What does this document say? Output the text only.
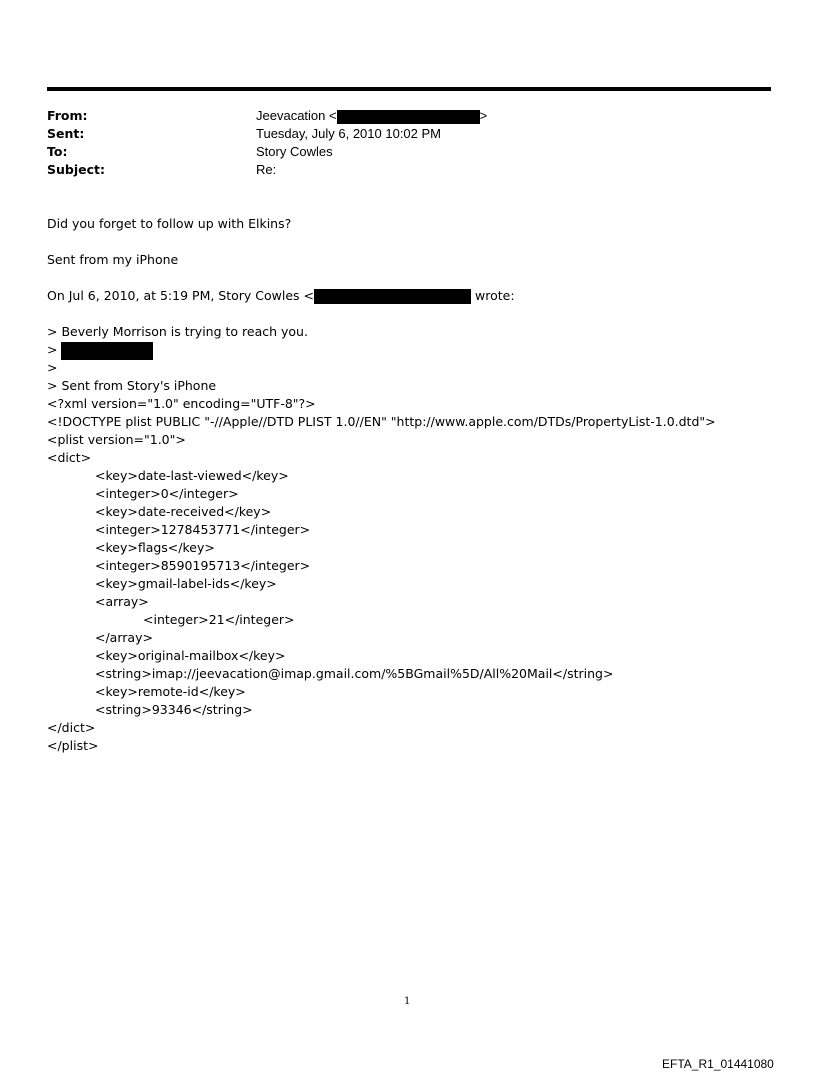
From:	Jeevacation <	>
Sent:	Tuesday, July 6, 2010 10:02 PM
To:	Story Cowles
Subject:	Re:
Did you forget to follow up with Elkins?
Sent from my iPhone
On Jul 6, 2010, at 5:19 PM, Story Cowles <	wrote:
> Beverly Morrison is trying to reach you.
>
>
> Sent from Story's iPhone
<?xml version="1.0" encoding="UTF-8"?>
<!DOCTYPE plist PUBLIC "-//Apple//DTD PLIST 1.0//EN" "http://www.apple.com/DTDs/PropertyList-1.0.dtd">
<plist version="1.0">
<dict>
<key>date-last-viewed</key>
<integer>0</integer>
<key>date-received</key>
<integer>1278453771</integer>
<key>flags</key>
<integer>8590195713</integer>
<key>gmail-label-ids</key>
<array>
<integer>21</integer>
</array>
<key>original-mailbox</key>
<string>imap://jeevacation@imap.gmail.com/%5BGmail%5D/All%20Mail</string>
<key>remote-id</key>
<string>93346</string>
</dict>
</plist>
1
EFTA_R1_01441080
